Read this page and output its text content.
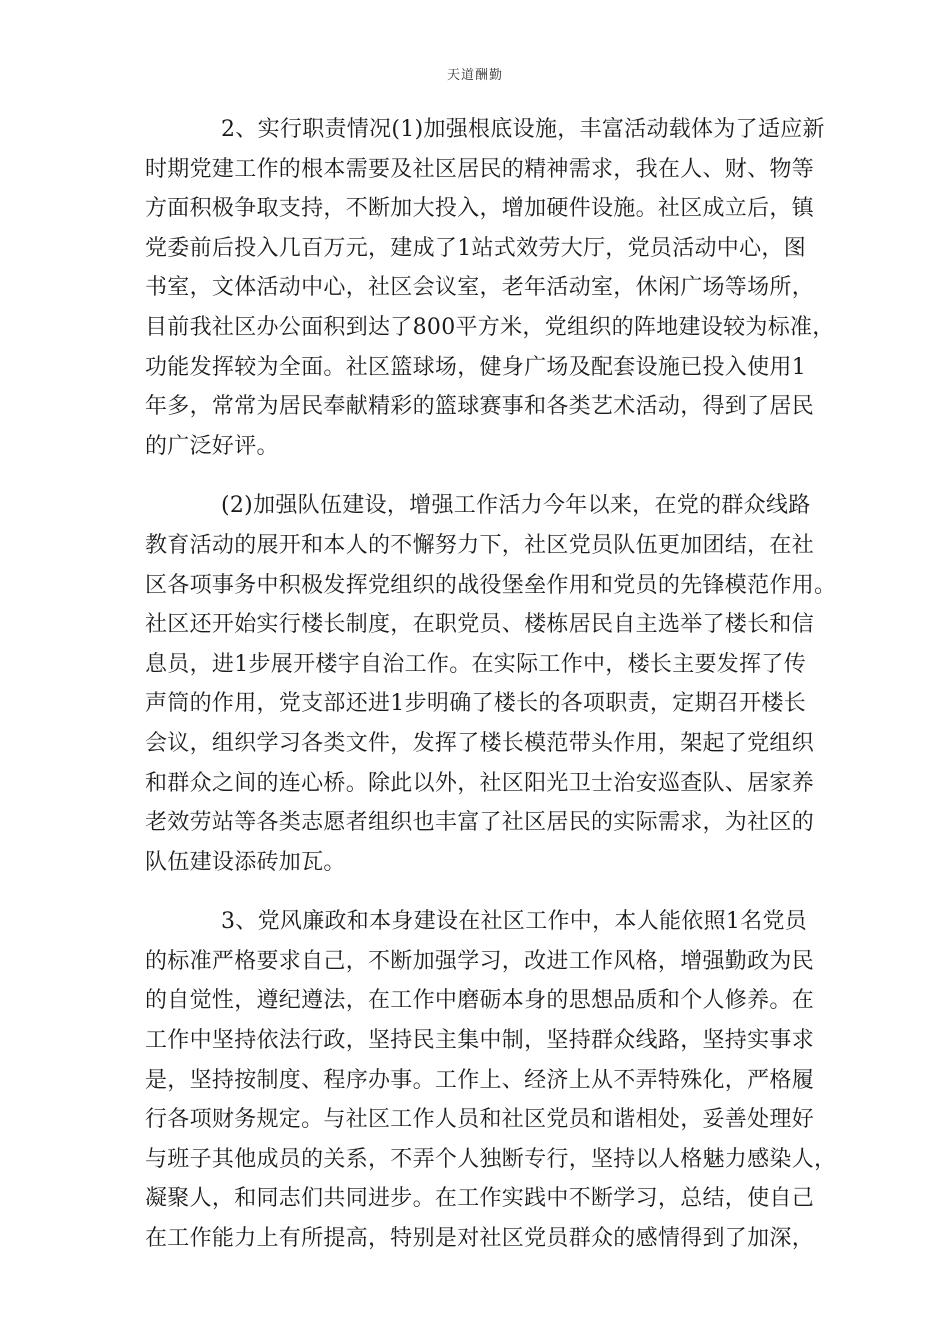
天道酬勤
2、实行职责情况(1)加强根底设施，丰富活动载体为了适应新
时期党建工作的根本需要及社区居民的精神需求，我在人、财、物等
方面积极争取支持，不断加大投入，增加硬件设施。社区成立后，镇
党委前后投入几百万元，建成了1站式效劳大厅，党员活动中心，图
书室，文体活动中心，社区会议室，老年活动室，休闲广场等场所，
目前我社区办公面积到达了800平方米，党组织的阵地建设较为标准，
功能发挥较为全面。社区篮球场，健身广场及配套设施已投入使用1
年多，常常为居民奉献精彩的篮球赛事和各类艺术活动，得到了居民
的广泛好评。
(2)加强队伍建设，增强工作活力今年以来，在党的群众线路
教育活动的展开和本人的不懈努力下，社区党员队伍更加团结，在社
区各项事务中积极发挥党组织的战役堡垒作用和党员的先锋模范作用。
社区还开始实行楼长制度，在职党员、楼栋居民自主选举了楼长和信
息员，进1步展开楼宇自治工作。在实际工作中，楼长主要发挥了传
声筒的作用，党支部还进1步明确了楼长的各项职责，定期召开楼长
会议，组织学习各类文件，发挥了楼长模范带头作用，架起了党组织
和群众之间的连心桥。除此以外，社区阳光卫士治安巡查队、居家养
老效劳站等各类志愿者组织也丰富了社区居民的实际需求，为社区的
队伍建设添砖加瓦。
3、党风廉政和本身建设在社区工作中，本人能依照1名党员
的标准严格要求自己，不断加强学习，改进工作风格，增强勤政为民
的自觉性，遵纪遵法，在工作中磨砺本身的思想品质和个人修养。在
工作中坚持依法行政，坚持民主集中制，坚持群众线路，坚持实事求
是，坚持按制度、程序办事。工作上、经济上从不弄特殊化，严格履
行各项财务规定。与社区工作人员和社区党员和谐相处，妥善处理好
与班子其他成员的关系，不弄个人独断专行，坚持以人格魅力感染人，
凝聚人，和同志们共同进步。在工作实践中不断学习，总结，使自己
在工作能力上有所提高，特别是对社区党员群众的感情得到了加深，
